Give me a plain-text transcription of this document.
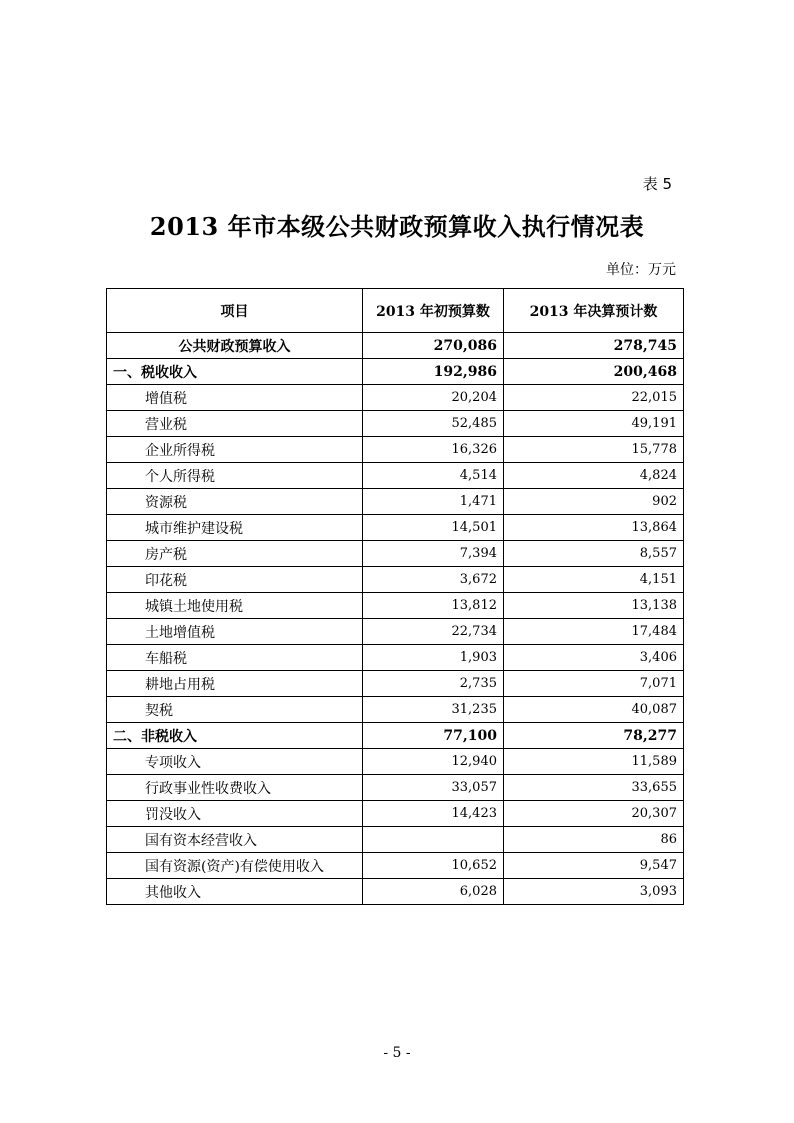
表 5
2013 年市本级公共财政预算收入执行情况表
单位：万元
项目	2013 年初预算数	2013 年决算预计数
公共财政预算收入	270,086	278,745
一、税收收入	192,986	200,468
增值税	20,204	22,015
营业税	52,485	49,191
企业所得税	16,326	15,778
个人所得税	4,514	4,824
资源税	1,471	902
城市维护建设税	14,501	13,864
房产税	7,394	8,557
印花税	3,672	4,151
城镇土地使用税	13,812	13,138
土地增值税	22,734	17,484
车船税	1,903	3,406
耕地占用税	2,735	7,071
契税	31,235	40,087
二、非税收入	77,100	78,277
专项收入	12,940	11,589
行政事业性收费收入	33,057	33,655
罚没收入	14,423	20,307
国有资本经营收入		86
国有资源(资产)有偿使用收入	10,652	9,547
其他收入	6,028	3,093
- 5 -
